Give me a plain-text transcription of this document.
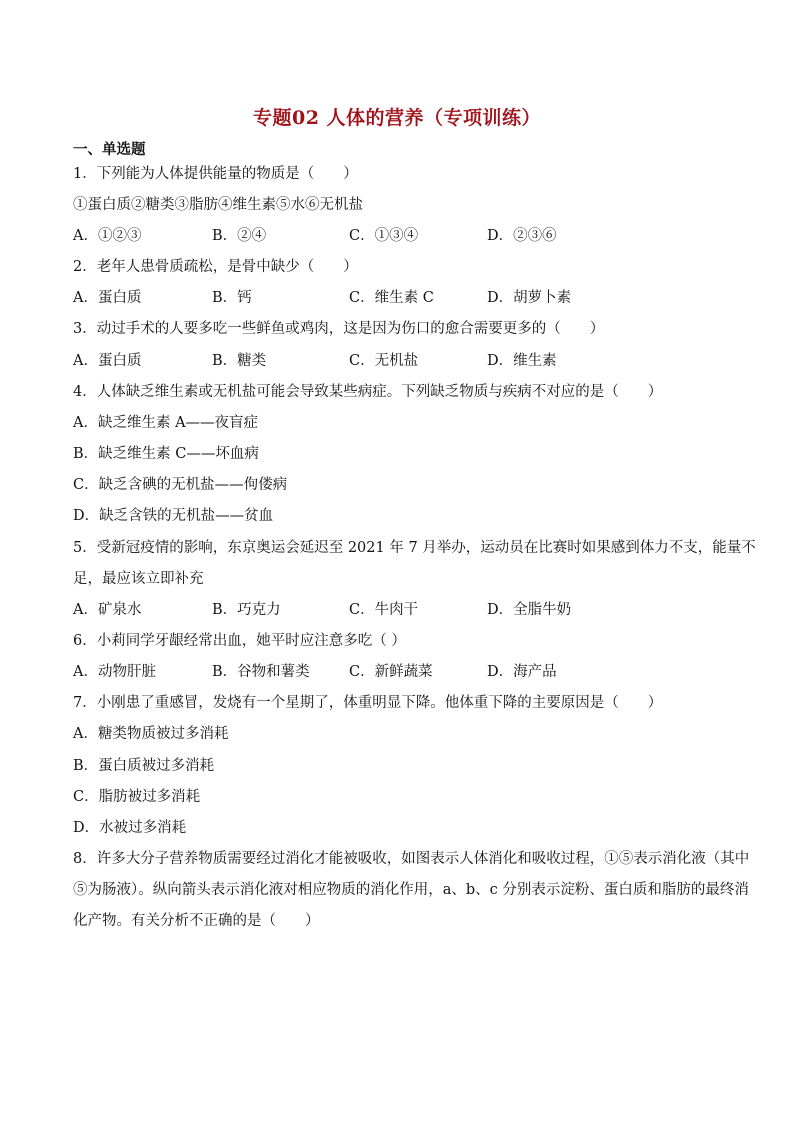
专题02 人体的营养（专项训练）
一、单选题
1．下列能为人体提供能量的物质是（　　）
①蛋白质②糖类③脂肪④维生素⑤水⑥无机盐
A．①②③	B．②④	C．①③④	D．②③⑥
2．老年人患骨质疏松，是骨中缺少（　　）
A．蛋白质	B．钙	C．维生素 C	D．胡萝卜素
3．动过手术的人要多吃一些鲜鱼或鸡肉，这是因为伤口的愈合需要更多的（　　）
A．蛋白质	B．糖类	C．无机盐	D．维生素
4．人体缺乏维生素或无机盐可能会导致某些病症。下列缺乏物质与疾病不对应的是（　　）
A．缺乏维生素 A——夜盲症
B．缺乏维生素 C——坏血病
C．缺乏含碘的无机盐——佝偻病
D．缺乏含铁的无机盐——贫血
5．受新冠疫情的影响，东京奥运会延迟至 2021 年 7 月举办，运动员在比赛时如果感到体力不支，能量不
足，最应该立即补充
A．矿泉水	B．巧克力	C．牛肉干	D．全脂牛奶
6．小莉同学牙龈经常出血，她平时应注意多吃（ ）
A．动物肝脏	B．谷物和薯类	C．新鲜蔬菜	D．海产品
7．小刚患了重感冒，发烧有一个星期了，体重明显下降。他体重下降的主要原因是（　　）
A．糖类物质被过多消耗
B．蛋白质被过多消耗
C．脂肪被过多消耗
D．水被过多消耗
8．许多大分子营养物质需要经过消化才能被吸收，如图表示人体消化和吸收过程，①⑤表示消化液（其中
⑤为肠液）。纵向箭头表示消化液对相应物质的消化作用，a、b、c 分别表示淀粉、蛋白质和脂肪的最终消
化产物。有关分析不正确的是（　　）
